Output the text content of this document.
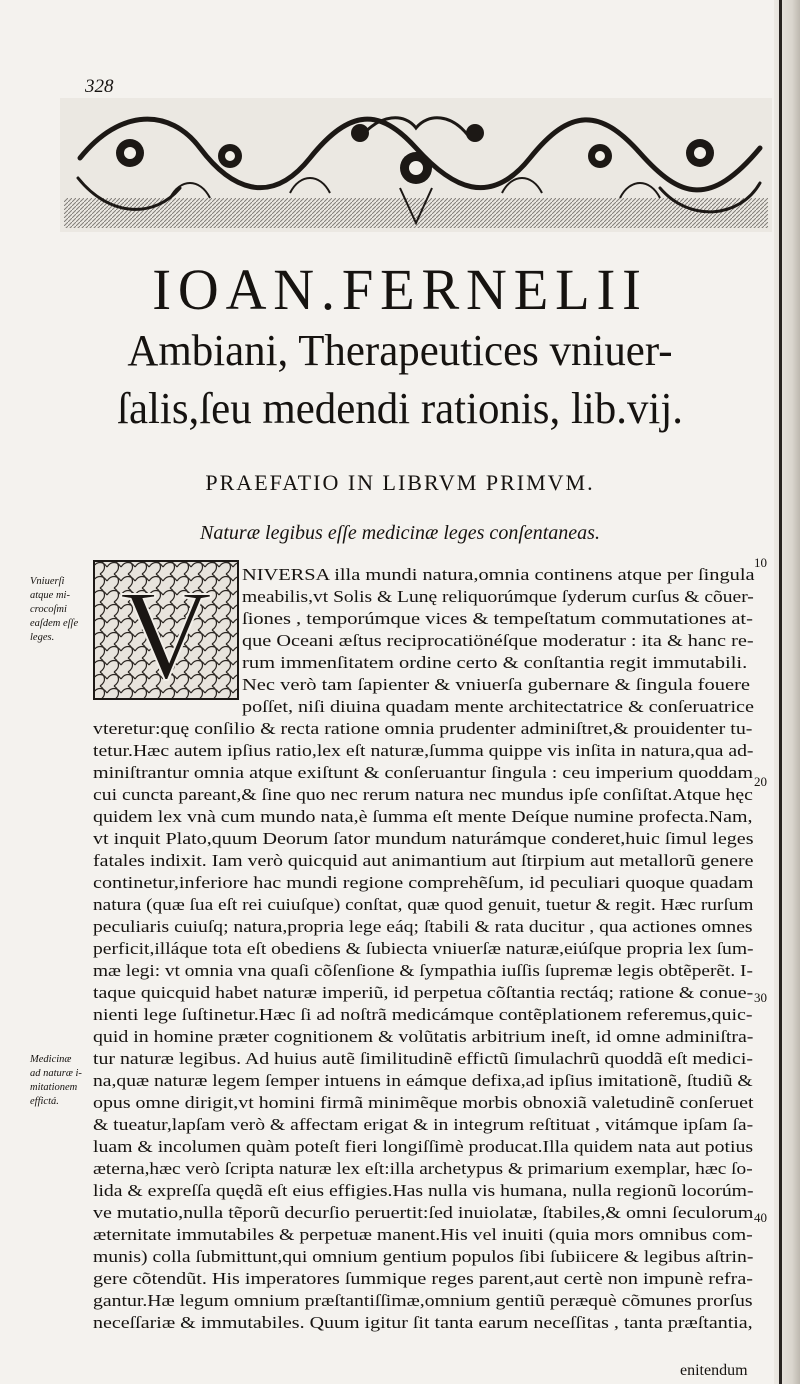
328
IOAN.FERNELII
Ambiani, Therapeutices vniuer-
ſalis,ſeu medendi rationis, lib.vij.
PRAEFATIO IN LIBRVM PRIMVM.
Naturæ legibus eſſe medicinæ leges conſentaneas.
Vniuerſi
atque mi-
crocoſmi
eaſdem eſſe
leges.
Medicinæ
ad naturæ i-
mitationem
effictá.
10
20
30
40
V NIVERSA illa mundi natura,omnia continens atque per ſingula
meabilis,vt Solis & Lunę reliquorúmque ſyderum curſus & cõuer-
ſiones , temporúmque vices & tempeſtatum commutationes at-
que Oceani æſtus reciprocatiönéſque moderatur : ita & hanc re-
rum immenſitatem ordine certo & conſtantia regit immutabili.
Nec verò tam ſapienter & vniuerſa gubernare & ſingula fouere
poſſet, niſi diuina quadam mente architectatrice & conſeruatrice
vteretur:quę conſilio & recta ratione omnia prudenter adminiſtret,& prouidenter tu-
tetur.Hæc autem ipſius ratio,lex eſt naturæ,ſumma quippe vis inſita in natura,qua ad-
miniſtrantur omnia atque exiſtunt & conſeruantur ſingula : ceu imperium quoddam
cui cuncta pareant,& ſine quo nec rerum natura nec mundus ipſe conſiſtat.Atque hęc
quidem lex vnà cum mundo nata,è ſumma eſt mente Deíque numine profecta.Nam,
vt inquit Plato,quum Deorum ſator mundum naturámque conderet,huic ſimul leges
fatales indixit. Iam verò quicquid aut animantium aut ſtirpium aut metallorũ genere
continetur,inferiore hac mundi regione comprehẽſum, id peculiari quoque quadam
natura (quæ ſua eſt rei cuiuſque) conſtat, quæ quod genuit, tuetur & regit. Hæc rurſum
peculiaris cuiuſq; natura,propria lege eáq; ſtabili & rata ducitur , qua actiones omnes
perficit,illáque tota eſt obediens & ſubiecta vniuerſæ naturæ,eiúſque propria lex ſum-
mæ legi: vt omnia vna quaſi cõſenſione & ſympathia iuſſis ſupremæ legis obtẽperẽt. I-
taque quicquid habet naturæ imperiũ, id perpetua cõſtantia rectáq; ratione & conue-
nienti lege ſuſtinetur.Hæc ſi ad noſtrã medicámque contẽplationem referemus,quic-
quid in homine præter cognitionem & volũtatis arbitrium ineſt, id omne adminiſtra-
tur naturæ legibus. Ad huius autẽ ſimilitudinẽ effictũ ſimulachrũ quoddã eſt medici-
na,quæ naturæ legem ſemper intuens in eámque defixa,ad ipſius imitationẽ, ſtudiũ &
opus omne dirigit,vt homini firmã minimẽque morbis obnoxiã valetudinẽ conſeruet
& tueatur,lapſam verò & affectam erigat & in integrum reſtituat , vitámque ipſam ſa-
luam & incolumen quàm poteſt fieri longiſſimè producat.Illa quidem nata aut potius
æterna,hæc verò ſcripta naturæ lex eſt:illa archetypus & primarium exemplar, hæc ſo-
lida & expreſſa quędã eſt eius effigies.Has nulla vis humana, nulla regionũ locorúm-
ve mutatio,nulla tẽporũ decurſio peruertit:ſed inuiolatæ, ſtabiles,& omni ſeculorum
æternitate immutabiles & perpetuæ manent.His vel inuiti (quia mors omnibus com-
munis) colla ſubmittunt,qui omnium gentium populos ſibi ſubiicere & legibus aſtrin-
gere cõtendũt. His imperatores ſummique reges parent,aut certè non impunè refra-
gantur.Hæ legum omnium præſtantiſſimæ,omnium gentiũ peræquè cõmunes prorſus
neceſſariæ & immutabiles. Quum igitur ſit tanta earum neceſſitas , tanta præſtantia,
enitendum
